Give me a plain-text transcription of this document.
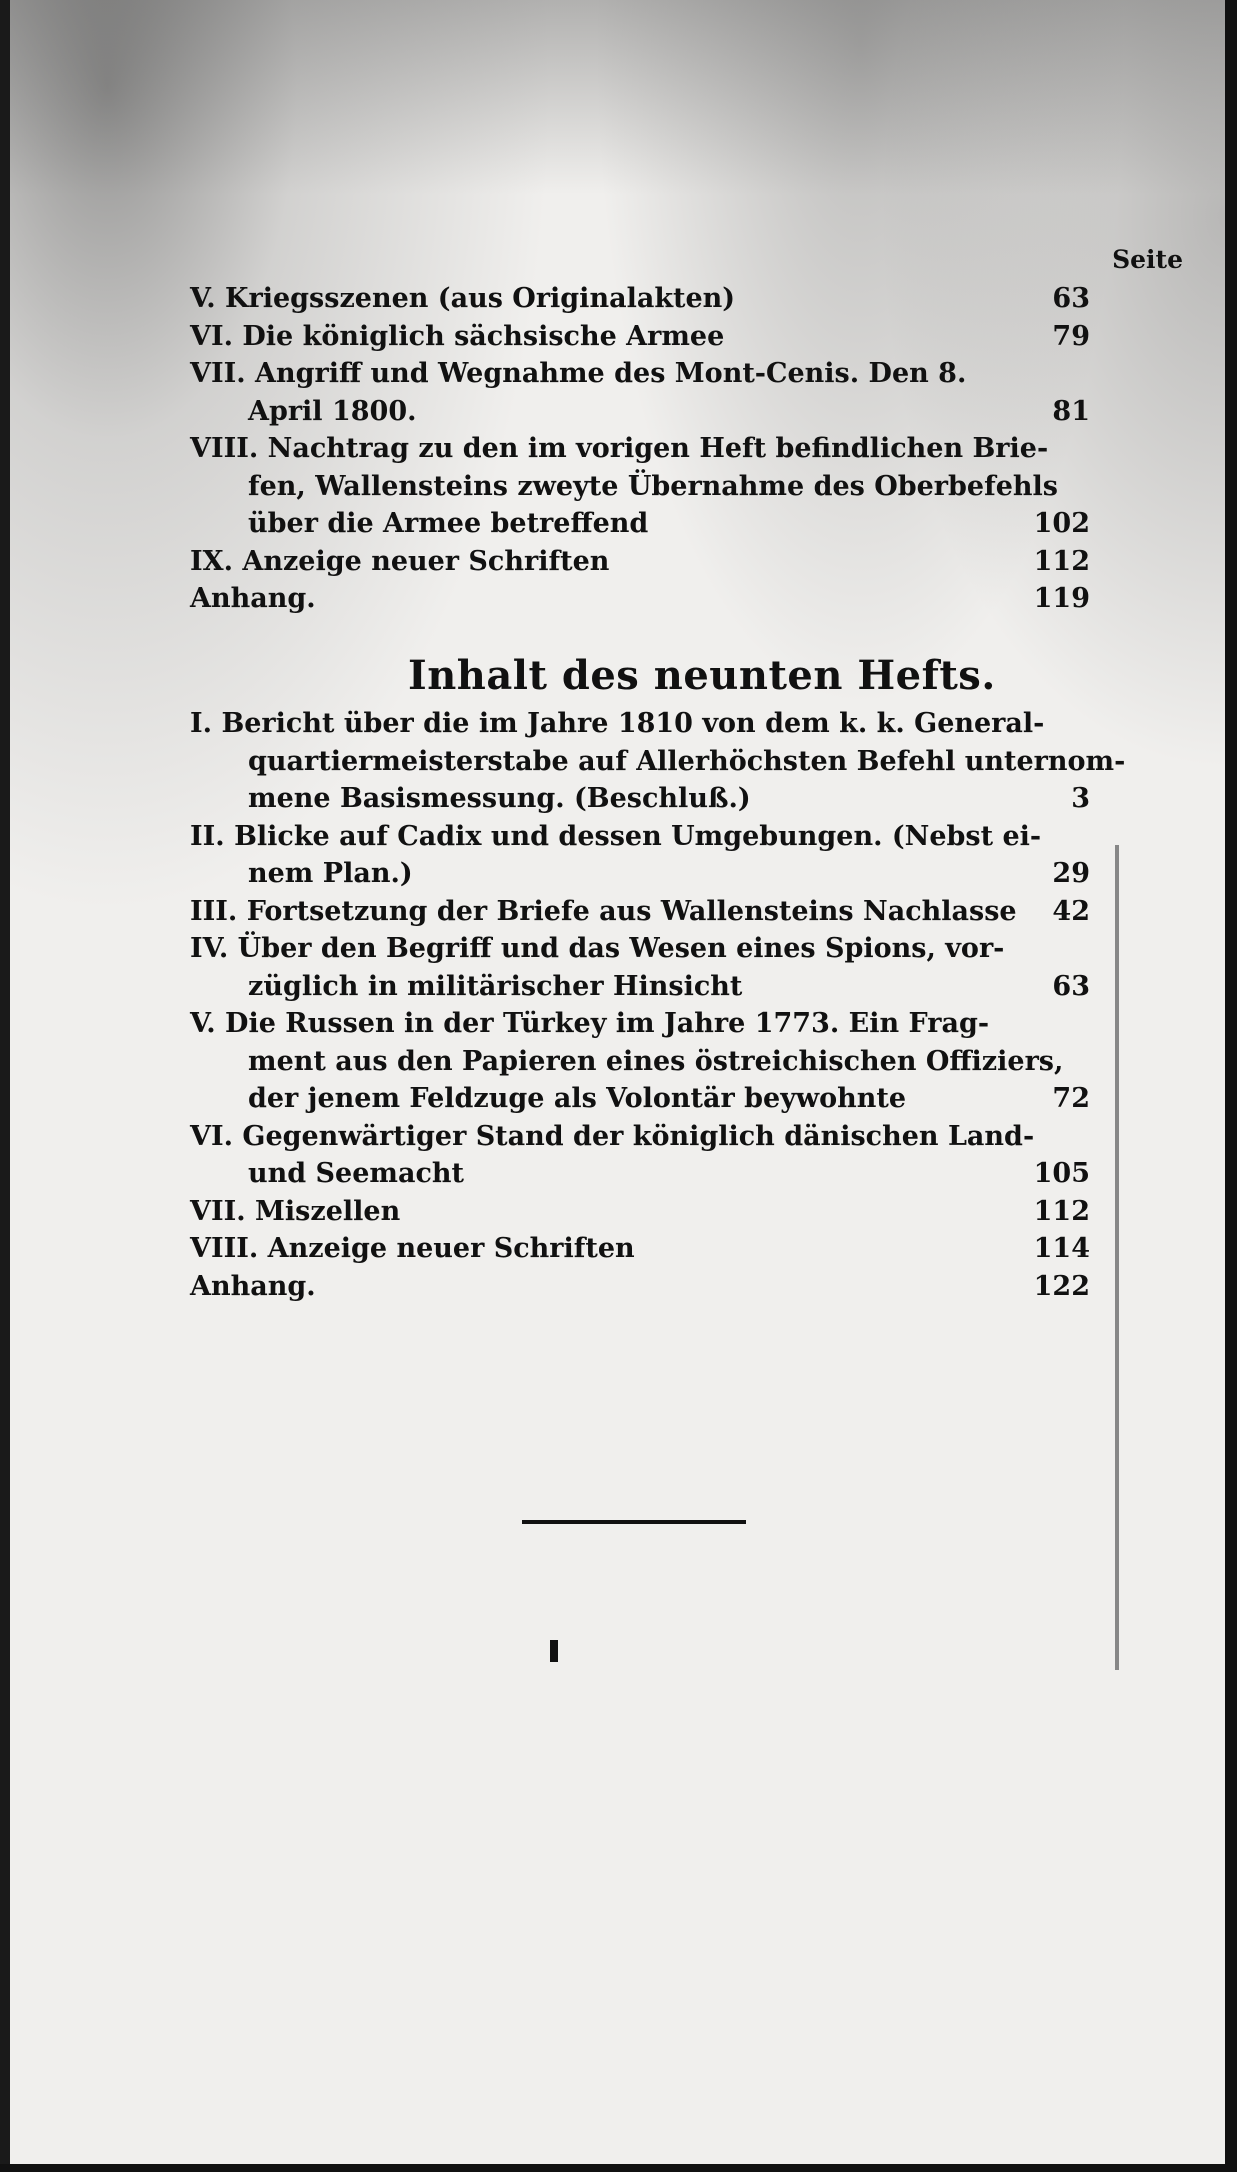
Seite
V. Kriegsszenen (aus Originalakten)	63
VI. Die königlich sächsische Armee	79
VII. Angriff und Wegnahme des Mont-Cenis. Den 8.
April 1800.	81
VIII. Nachtrag zu den im vorigen Heft befindlichen Brie-
fen, Wallensteins zweyte Übernahme des Oberbefehls
über die Armee betreffend	102
IX. Anzeige neuer Schriften	112
Anhang.	119
Inhalt des neunten Hefts.
I. Bericht über die im Jahre 1810 von dem k. k. General-
quartiermeisterstabe auf Allerhöchsten Befehl unternom-
mene Basismessung. (Beschluß.)	3
II. Blicke auf Cadix und dessen Umgebungen. (Nebst ei-
nem Plan.)	29
III. Fortsetzung der Briefe aus Wallensteins Nachlasse	42
IV. Über den Begriff und das Wesen eines Spions, vor-
züglich in militärischer Hinsicht	63
V. Die Russen in der Türkey im Jahre 1773. Ein Frag-
ment aus den Papieren eines östreichischen Offiziers,
der jenem Feldzuge als Volontär beywohnte	72
VI. Gegenwärtiger Stand der königlich dänischen Land-
und Seemacht	105
VII. Miszellen	112
VIII. Anzeige neuer Schriften	114
Anhang.	122
